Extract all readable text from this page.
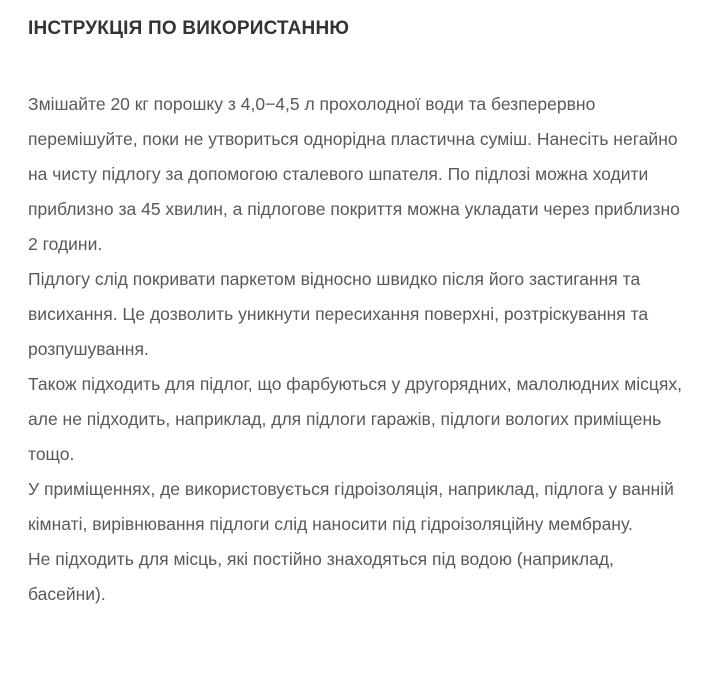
ІНСТРУКЦІЯ ПО ВИКОРИСТАННЮ

Змішайте 20 кг порошку з 4,0−4,5 л прохолодної води та безперервно перемішуйте, поки не утвориться однорідна пластична суміш. Нанесіть негайно на чисту підлогу за допомогою сталевого шпателя. По підлозі можна ходити приблизно за 45 хвилин, а підлогове покриття можна укладати через приблизно 2 години.

Підлогу слід покривати паркетом відносно швидко після його застигання та висихання. Це дозволить уникнути пересихання поверхні, розтріскування та розпушування.

Також підходить для підлог, що фарбуються у другорядних, малолюдних місцях, але не підходить, наприклад, для підлоги гаражів, підлоги вологих приміщень тощо.

У приміщеннях, де використовується гідроізоляція, наприклад, підлога у ванній кімнаті, вирівнювання підлоги слід наносити під гідроізоляційну мембрану.

Не підходить для місць, які постійно знаходяться під водою (наприклад, басейни).
